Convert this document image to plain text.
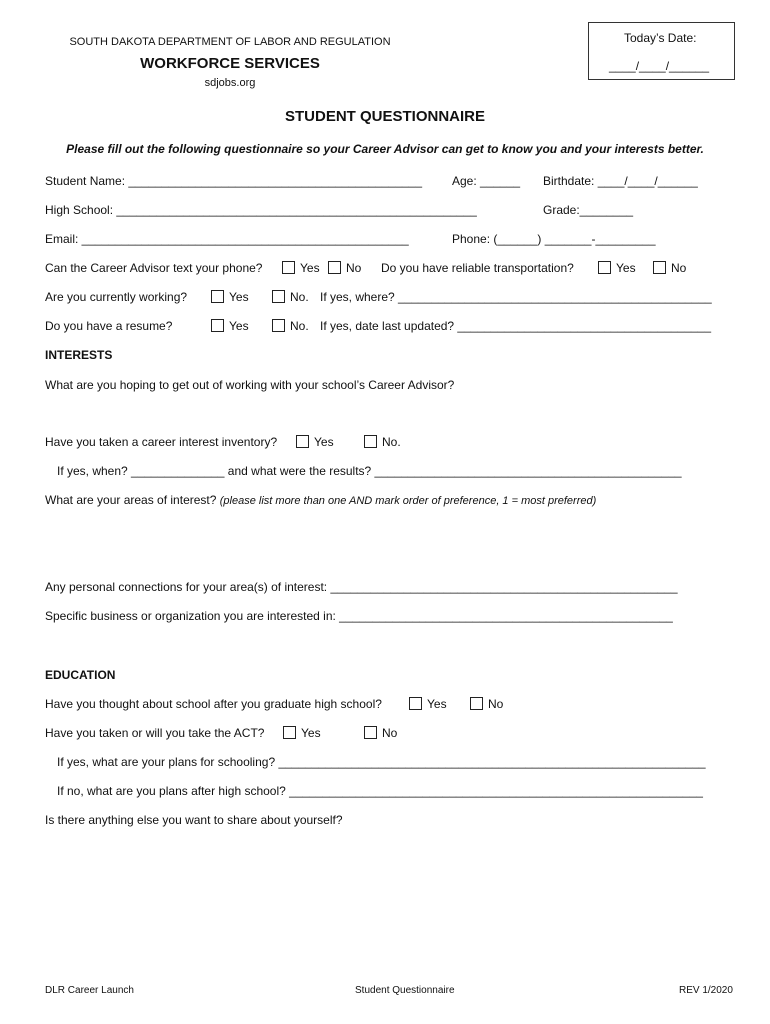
SOUTH DAKOTA DEPARTMENT OF LABOR AND REGULATION
WORKFORCE SERVICES
sdjobs.org
Today’s Date:
____/____/______
STUDENT QUESTIONNAIRE
Please fill out the following questionnaire so your Career Advisor can get to know you and your interests better.
Student Name: ____________________________________________ Age: ______ Birthdate: ____/____/______
High School: ______________________________________________________	Grade:________
Email: _________________________________________________	Phone: (______) _______-_________
Can the Career Advisor text your phone?	Yes No Do you have reliable transportation?	Yes	No
Are you currently working?	Yes	No. If yes, where? _______________________________________________
Do you have a resume?	Yes	No. If yes, date last updated? ______________________________________
INTERESTS
What are you hoping to get out of working with your school’s Career Advisor?
Have you taken a career interest inventory?	Yes	No.
If yes, when? ______________ and what were the results? ______________________________________________
What are your areas of interest? (please list more than one AND mark order of preference, 1 = most preferred)
Any personal connections for your area(s) of interest: ____________________________________________________
Specific business or organization you are interested in: __________________________________________________
EDUCATION
Have you thought about school after you graduate high school?	Yes	No
Have you taken or will you take the ACT?	Yes	No
If yes, what are your plans for schooling? ________________________________________________________________
If no, what are you plans after high school? ______________________________________________________________
Is there anything else you want to share about yourself?
DLR Career Launch	Student Questionnaire	REV 1/2020
